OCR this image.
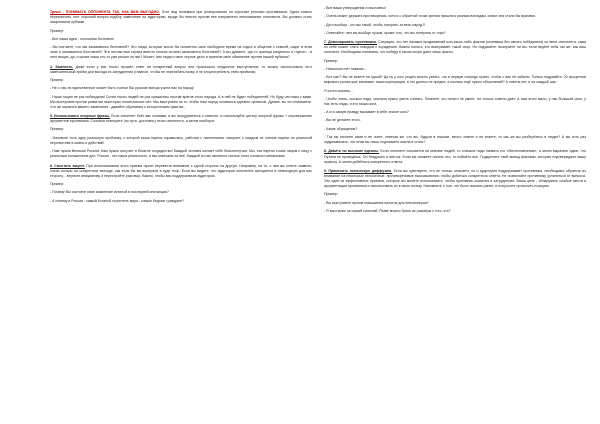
Трюк# - ПОНИМАТЬ ОППОНЕНТА ТАК, КАК ВАМ ВЫГОДНО. Этот вид полемики при реагировании на короткие реплики противников. Здесь можно переключить этот короткий вопрос-подбор замечание на аудиторию, вроде бы неясно против нее направлено непонимание оппонента. Вы должны стать защитником публики.

Пример:

- Все наши идеи - сплошная болтовня!

- Вы считаете, что мы занимаемся болтовней? Это люди, которые могли бы посвятить свое свободное время на отдых и общение с семьей, сидят в этом зале и занимаются болтовней? Эта несчастная страна вместо поиска истины занимается болтовней? А вы думаете, где-то граница разумного и глупого - в этих вещах, да, и кроме лишь кто-то уже решил за нас? Может, чем люди и свое черное дело и приняли свое обвинение против нашей публики?

4. Заменить. Даже если у вас плохо прошёл ответ на конкретный вопрос или произошло неудачное выступление, то можно использовать этот замечательный приём для выхода из затруднения (главное, чтобы не перегибать палку и не злоупотреблять этим приёмом).

Пример:

- Не о нас ли единственное может быть и речи! Вы русские всегда учили нас на народ!

- Наша нация не раз побеждала! Сотни тысяч людей не раз сражались против врагов этого народа. А в ней не будет победителей. Но буду честным с вами. Мы выступаем против развития некоторых политических сил. Мы выступаем за то, чтобы наш народ оставался единым, цельным. Думаю, вы это понимаете. Что же касается вашего замечания - давайте обратимся к историческим фактам...

5. Использовать опорные фразы. Если оппонент бьёт вас словами, и вы затрудняетесь с ответом, то используйте цитату опорной фразы + опровержение аргументов противника. Сначала повторите (по сути, дословно) тезис оппонента, а затем наоборот.

Пример:

- Назовите хоть одну реальную проблему, с которой ваша партия справилась, работая с населением; говорите с каждым из членов партии по реальной перспективе в жизни и действий.

- Нам нужна Великая Россия! Нам нужно могучее и богатое государство! Каждый человек желает себе благополучия. Мы, эта партия стоим лицом к лицу с реальным положением дел. Россия - это наша реальность, и мы отвечаем за неё. Каждый из нас является частью этого сложного механизма.

6. Сместить акцент. При использовании этого приема нужно перевести внимание с одной стороны на другую. Например, на то, о чем вы хотите заявить; очень сильно на конкретном эпизоде, как если бы вы выиграли в суде спор. Если вы видите, что аудитория оппонента смещается в невыгодную для вас сторону, - верните инициативу и перестройте разговор. Важно, чтобы вас поддерживала аудитория.

Пример:

- Почему Вы считаете свое заявление истиной в последней инстанции?

- А почему в России - самый богатый строитель мира - самые бедные граждане?

- Все ваши утверждения голословны!

- Очень может держать противоречия, хотя и с обратной точки зрения пришли к разным взглядам, иначе они стали бы врагами.

- Да и вообще - кто вы такой, чтобы говорить за весь народ?!

- Отвечайте: чем вы вообще лучше, кроме того, что вы потеряли от горя?

7. Доминировать противника. Ситуация, что нет никаких продвижений или каких-либо фактов (полемика без явного победителя) по вине оппонента, сама по себе может стать поводом к осуждению. Важно понять, кто выигрывает такой спор. Но подумайте, выиграете ли вы, если ведёте себя так же, как ваш оппонент. Необходимо понимать, что победу в таком споре дают лишь факты.

Пример:

- Нисколько нет никаких...

- Вот как?! Вы не знаете ни одной? Да ну у кого угодно можно узнать, что в первую очередь нужно, чтобы о вас не забыли. Только подумайте: 20 процентов мирового рынка уже занимают наши корпорации, и это далеко не предел; а сколько ещё нужно объяснений? А ответы нет, и на каждый шаг...

Я хотел сказать...

- Чтобы знать, сколько надо, сначала нужно уметь считать. Помните, кто ничего не умеет, тот только советы даёт. А нам этого мало, у нас большой опыт, у нас есть люди, и это наша сила.

- А кто самую правду вызывает в себе значит кого?

- Вы не делаете этого.

- Какие обращения?

- Так вы начните сами и не лгите, отвечая же, что вы, будучи в тюрьме, много знаете и не знаете, то как же вы разберётесь в людях? А вы хоть раз задумывались, что этим вы лишь подливаете масла в огонь?

8. Давить на высокие идеалы. Если оппонент ссылается на мнение людей, то сначала надо назвать его «бесчеловечным», а затем выразить идею, что Путина не проведёшь. Он бездушен и жесток. Если вы сможете понять это, то поймёте все. Подкрепите свой вывод фактами, которые подтверждают вашу правоту. А затем добейтесь конкретного ответа.

9. Применить логическую диффузию. Если вы чувствуете, что не только оппонент, но и аудитория поддерживает противника, необходимо обратить их внимание на некоторые нелогичные, противоречивые высказывания, чтобы добиться конкретного ответа. Не позволяйте противнику уклониться от вопроса. Это один из эффективных приемов, которые вы можете использовать, чтобы противник оказался в затруднении. Ваша цель - обнаружить слабые места в аргументации противника и использовать их в свою пользу. Напомните о том, что было сказано ранее, и попросите прояснить позицию.

Пример:

- Вы выступаете против повышения налогов для пенсионеров?

- Я выступаю за самый сильный. Разве можно брать их размеры с того, кто?
